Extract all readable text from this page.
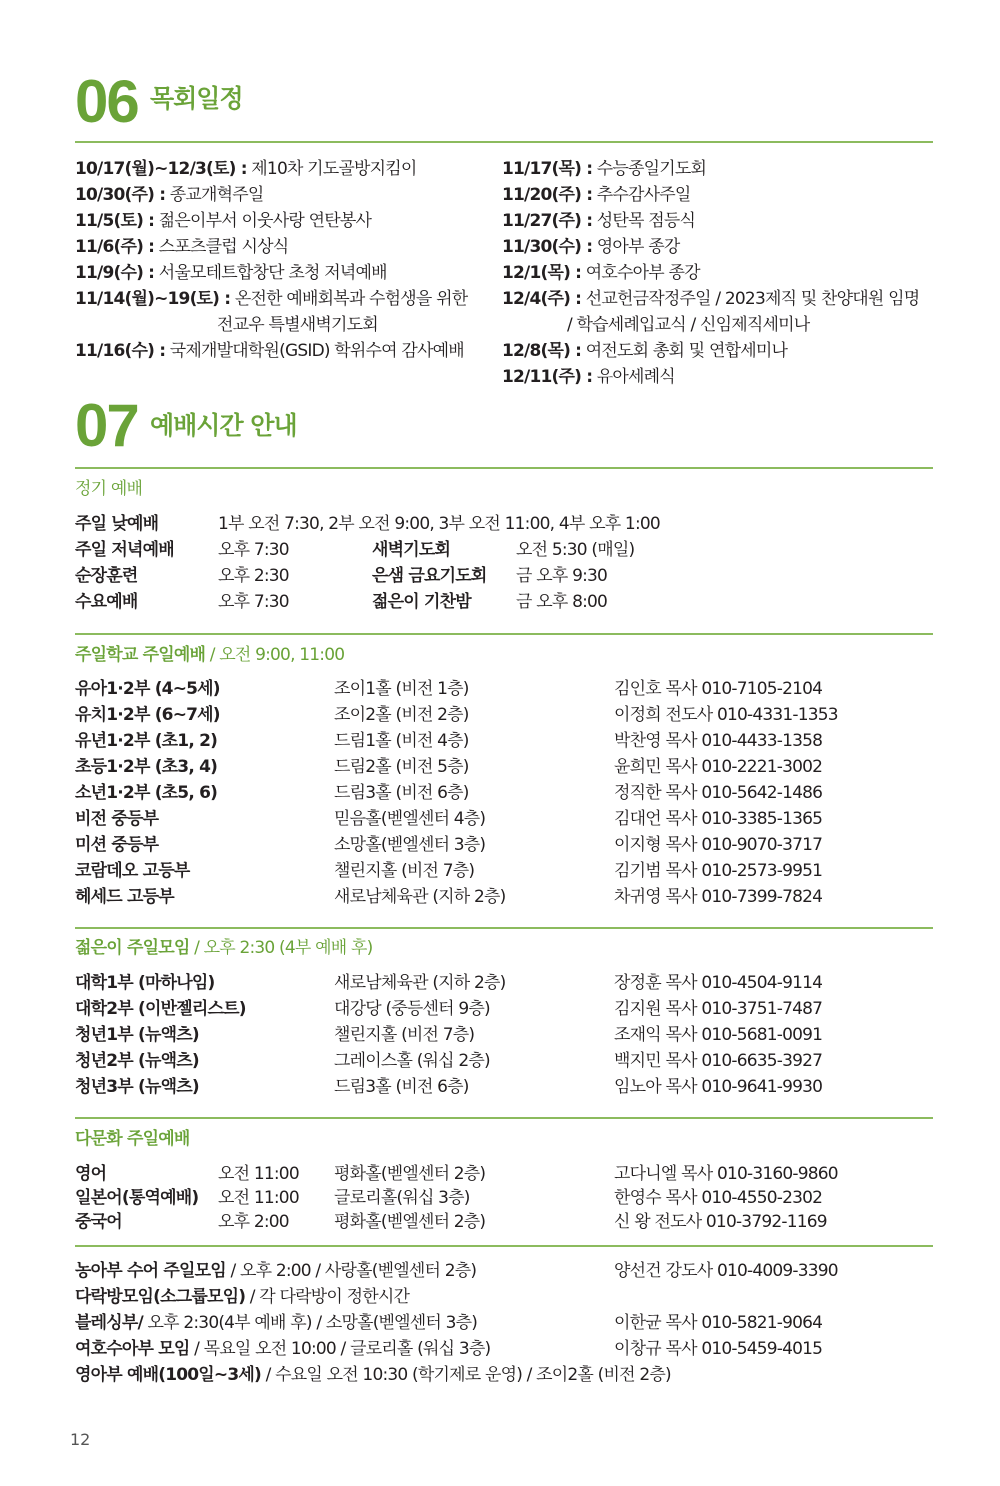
06 목회일정
10/17(월)~12/3(토) : 제10차 기도골방지킴이
10/30(주) : 종교개혁주일
11/5(토) : 젊은이부서 이웃사랑 연탄봉사
11/6(주) : 스포츠클럽 시상식
11/9(수) : 서울모테트합창단 초청 저녁예배
11/14(월)~19(토) : 온전한 예배회복과 수험생을 위한
전교우 특별새벽기도회
11/16(수) : 국제개발대학원(GSID) 학위수여 감사예배
11/17(목) : 수능종일기도회
11/20(주) : 추수감사주일
11/27(주) : 성탄목 점등식
11/30(수) : 영아부 종강
12/1(목) : 여호수아부 종강
12/4(주) : 선교헌금작정주일 / 2023제직 및 찬양대원 임명
/ 학습세례입교식 / 신임제직세미나
12/8(목) : 여전도회 총회 및 연합세미나
12/11(주) : 유아세례식
07 예배시간 안내
정기 예배
주일 낮예배	1부 오전 7:30, 2부 오전 9:00, 3부 오전 11:00, 4부 오후 1:00
주일 저녁예배	오후 7:30	새벽기도회	오전 5:30 (매일)
순장훈련	오후 2:30	은샘 금요기도회 금 오후 9:30
수요예배	오후 7:30	젊은이 기찬밤	금 오후 8:00
주일학교 주일예배 / 오전 9:00, 11:00
유아1·2부 (4~5세)	조이1홀 (비전 1층)	김인호 목사 010-7105-2104
유치1·2부 (6~7세)	조이2홀 (비전 2층)	이정희 전도사 010-4331-1353
유년1·2부 (초1, 2)	드림1홀 (비전 4층)	박찬영 목사 010-4433-1358
초등1·2부 (초3, 4)	드림2홀 (비전 5층)	윤희민 목사 010-2221-3002
소년1·2부 (초5, 6)	드림3홀 (비전 6층)	정직한 목사 010-5642-1486
비전 중등부	믿음홀(벧엘센터 4층)	김대언 목사 010-3385-1365
미션 중등부	소망홀(벧엘센터 3층)	이지형 목사 010-9070-3717
코람데오 고등부	챌린지홀 (비전 7층)	김기범 목사 010-2573-9951
헤세드 고등부	새로남체육관 (지하 2층)	차귀영 목사 010-7399-7824
젊은이 주일모임 / 오후 2:30 (4부 예배 후)
대학1부 (마하나임)	새로남체육관 (지하 2층)	장정훈 목사 010-4504-9114
대학2부 (이반젤리스트)	대강당 (중등센터 9층)	김지원 목사 010-3751-7487
청년1부 (뉴액츠)	챌린지홀 (비전 7층)	조재익 목사 010-5681-0091
청년2부 (뉴액츠)	그레이스홀 (워십 2층)	백지민 목사 010-6635-3927
청년3부 (뉴액츠)	드림3홀 (비전 6층)	임노아 목사 010-9641-9930
다문화 주일예배
영어	오전 11:00 평화홀(벧엘센터 2층)	고다니엘 목사 010-3160-9860
일본어(통역예배) 오전 11:00 글로리홀(워십 3층)	한영수 목사 010-4550-2302
중국어	오후 2:00	평화홀(벧엘센터 2층)	신 왕 전도사 010-3792-1169
농아부 수어 주일모임 / 오후 2:00 / 사랑홀(벧엘센터 2층)	양선건 강도사 010-4009-3390
다락방모임(소그룹모임) / 각 다락방이 정한시간
블레싱부/ 오후 2:30(4부 예배 후) / 소망홀(벧엘센터 3층)	이한균 목사 010-5821-9064
여호수아부 모임 / 목요일 오전 10:00 / 글로리홀 (워십 3층)	이창규 목사 010-5459-4015
영아부 예배(100일~3세) / 수요일 오전 10:30 (학기제로 운영) / 조이2홀 (비전 2층)
12
